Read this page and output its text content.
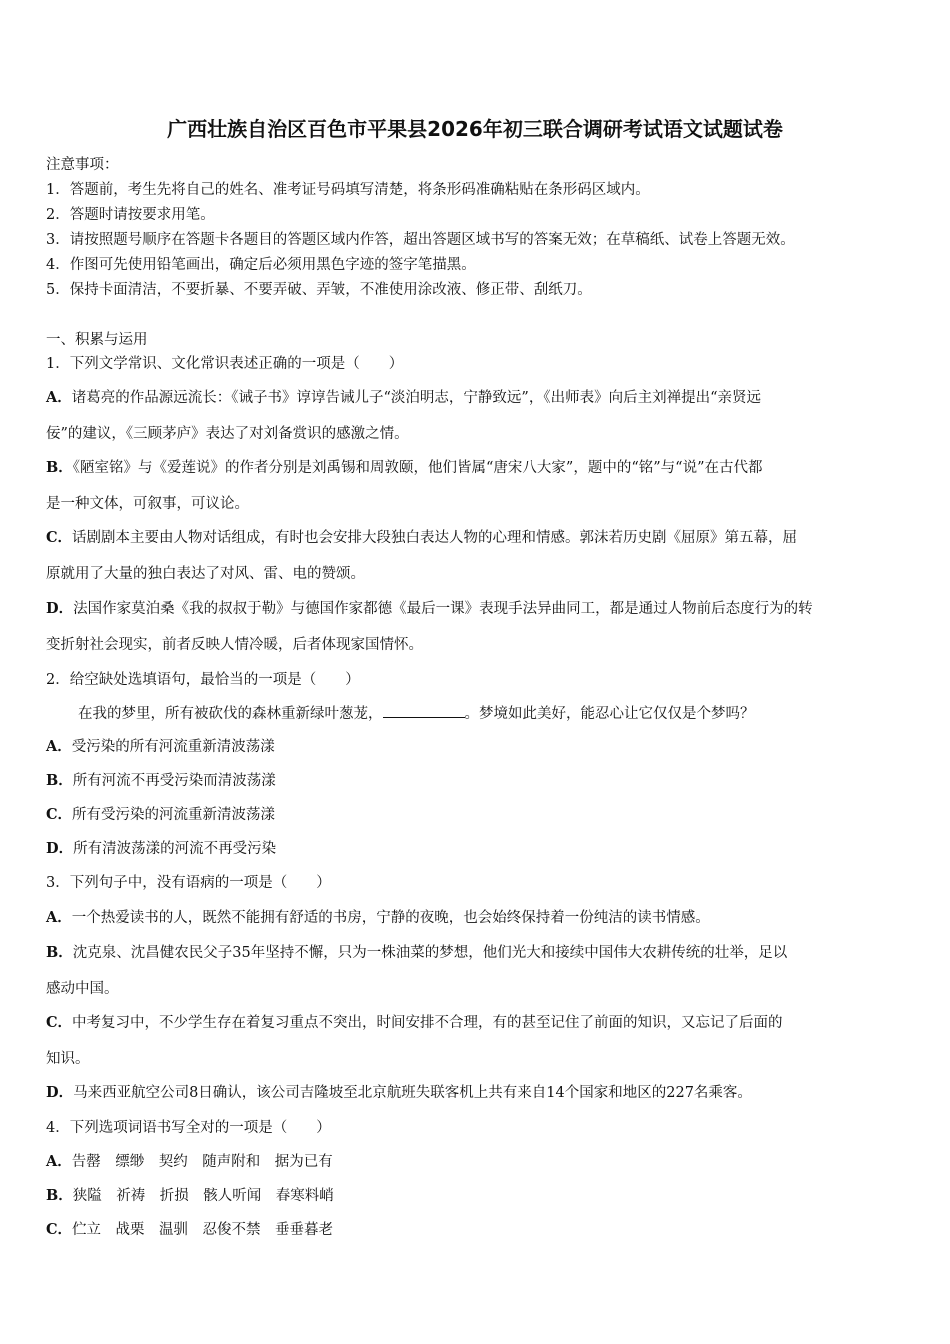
广西壮族自治区百色市平果县2026年初三联合调研考试语文试题试卷
注意事项：
1．答题前，考生先将自己的姓名、准考证号码填写清楚，将条形码准确粘贴在条形码区域内。
2．答题时请按要求用笔。
3．请按照题号顺序在答题卡各题目的答题区域内作答，超出答题区域书写的答案无效；在草稿纸、试卷上答题无效。
4．作图可先使用铅笔画出，确定后必须用黑色字迹的签字笔描黑。
5．保持卡面清洁，不要折暴、不要弄破、弄皱，不准使用涂改液、修正带、刮纸刀。
一、积累与运用
1．下列文学常识、文化常识表述正确的一项是（　　）
A．诸葛亮的作品源远流长：《诫子书》谆谆告诫儿子“淡泊明志，宁静致远”，《出师表》向后主刘禅提出“亲贤远
佞”的建议，《三顾茅庐》表达了对刘备赏识的感激之情。
B．《陋室铭》与《爱莲说》的作者分别是刘禹锡和周敦颐，他们皆属“唐宋八大家”，题中的“铭”与“说”在古代都
是一种文体，可叙事，可议论。
C．话剧剧本主要由人物对话组成，有时也会安排大段独白表达人物的心理和情感。郭沫若历史剧《屈原》第五幕，屈
原就用了大量的独白表达了对风、雷、电的赞颂。
D．法国作家莫泊桑《我的叔叔于勒》与德国作家都德《最后一课》表现手法异曲同工，都是通过人物前后态度行为的转
变折射社会现实，前者反映人情冷暖，后者体现家国情怀。
2．给空缺处选填语句，最恰当的一项是（　　）
在我的梦里，所有被砍伐的森林重新绿叶葱茏，	。梦境如此美好，能忍心让它仅仅是个梦吗？
A．受污染的所有河流重新清波荡漾
B．所有河流不再受污染而清波荡漾
C．所有受污染的河流重新清波荡漾
D．所有清波荡漾的河流不再受污染
3．下列句子中，没有语病的一项是（　　）
A．一个热爱读书的人，既然不能拥有舒适的书房，宁静的夜晚，也会始终保持着一份纯洁的读书情感。
B．沈克泉、沈昌健农民父子35年坚持不懈，只为一株油菜的梦想，他们光大和接续中国伟大农耕传统的壮举，足以
感动中国。
C．中考复习中，不少学生存在着复习重点不突出，时间安排不合理，有的甚至记住了前面的知识，又忘记了后面的
知识。
D．马来西亚航空公司8日确认，该公司吉隆坡至北京航班失联客机上共有来自14个国家和地区的227名乘客。
4．下列选项词语书写全对的一项是（　　）
A．告罄　缥缈　契约　随声附和　据为已有
B．狭隘　祈祷　折损　骸人听闻　春寒料峭
C．伫立　战栗　温驯　忍俊不禁　垂垂暮老
